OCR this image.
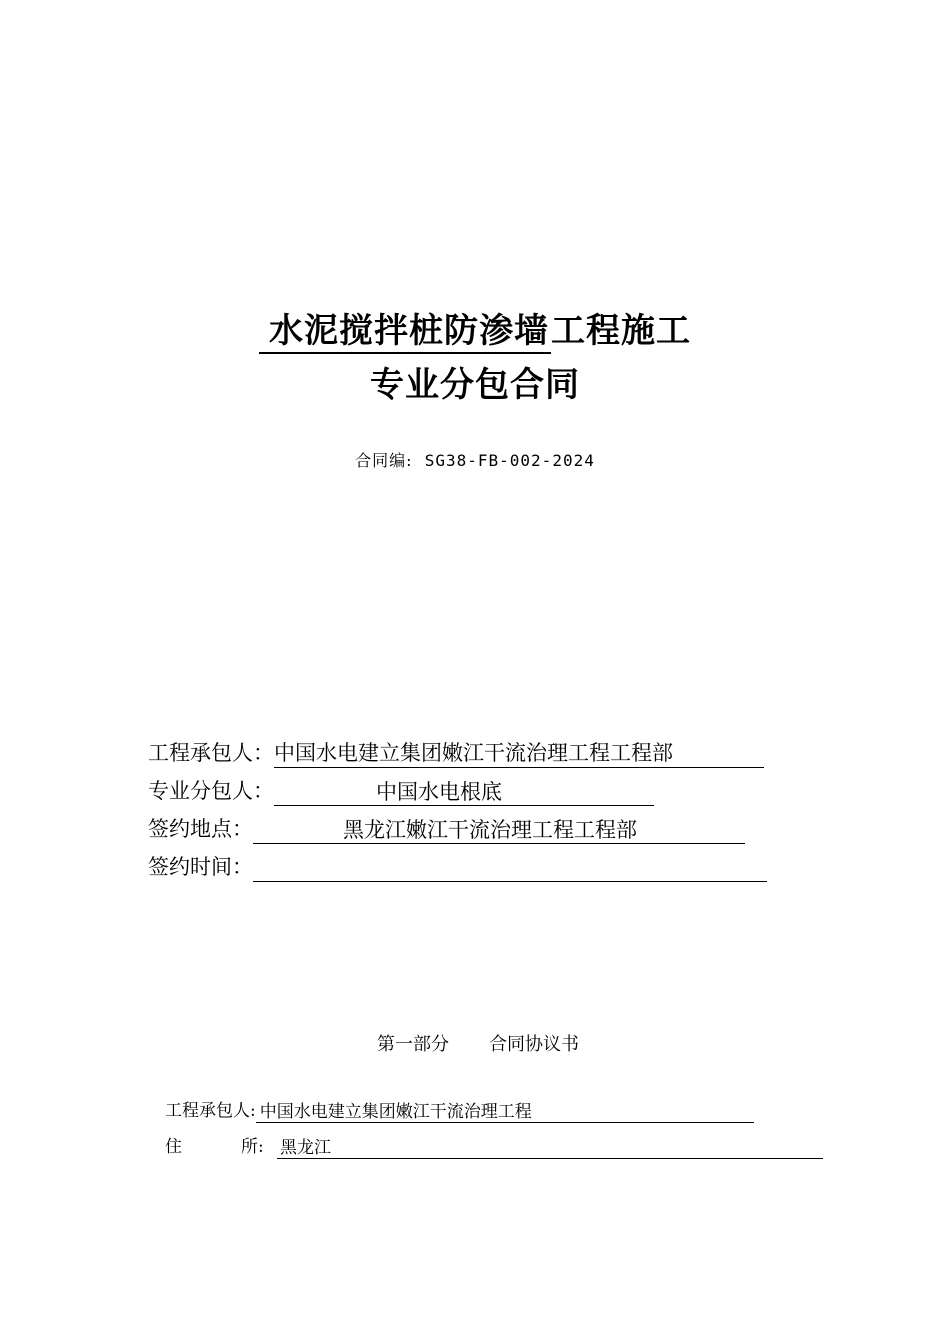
水泥搅拌桩防渗墙工程施工
专业分包合同
合同编: SG38-FB-002-2024
工程承包人：中国水电建立集团嫩江干流治理工程工程部
专业分包人：	中国水电根底
签约地点：	黑龙江嫩江干流治理工程工程部
签约时间：
第一部分 合同协议书
工程承包人: 中国水电建立集团嫩江干流治理工程
住	所: 黑龙江
